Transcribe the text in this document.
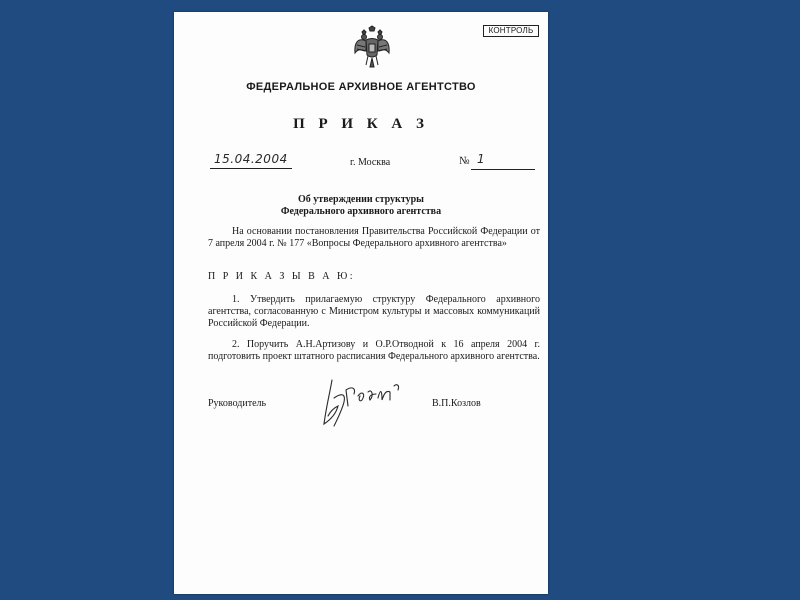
КОНТРОЛЬ
ФЕДЕРАЛЬНОЕ АРХИВНОЕ АГЕНТСТВО
П Р И К А З
15.04.2004	г. Москва	№ 1
Об утверждении структуры
Федерального архивного агентства
На основании постановления Правительства Российской Федерации от 7 апреля 2004 г. № 177 «Вопросы Федерального архивного агентства»
П Р И К А З Ы В А Ю:
1. Утвердить прилагаемую структуру Федерального архивного агентства, согласованную с Министром культуры и массовых коммуникаций Российской Федерации.
2. Поручить А.Н.Артизову и О.Р.Отводной к 16 апреля 2004 г. подготовить проект штатного расписания Федерального архивного агентства.
Руководитель	В.П.Козлов
